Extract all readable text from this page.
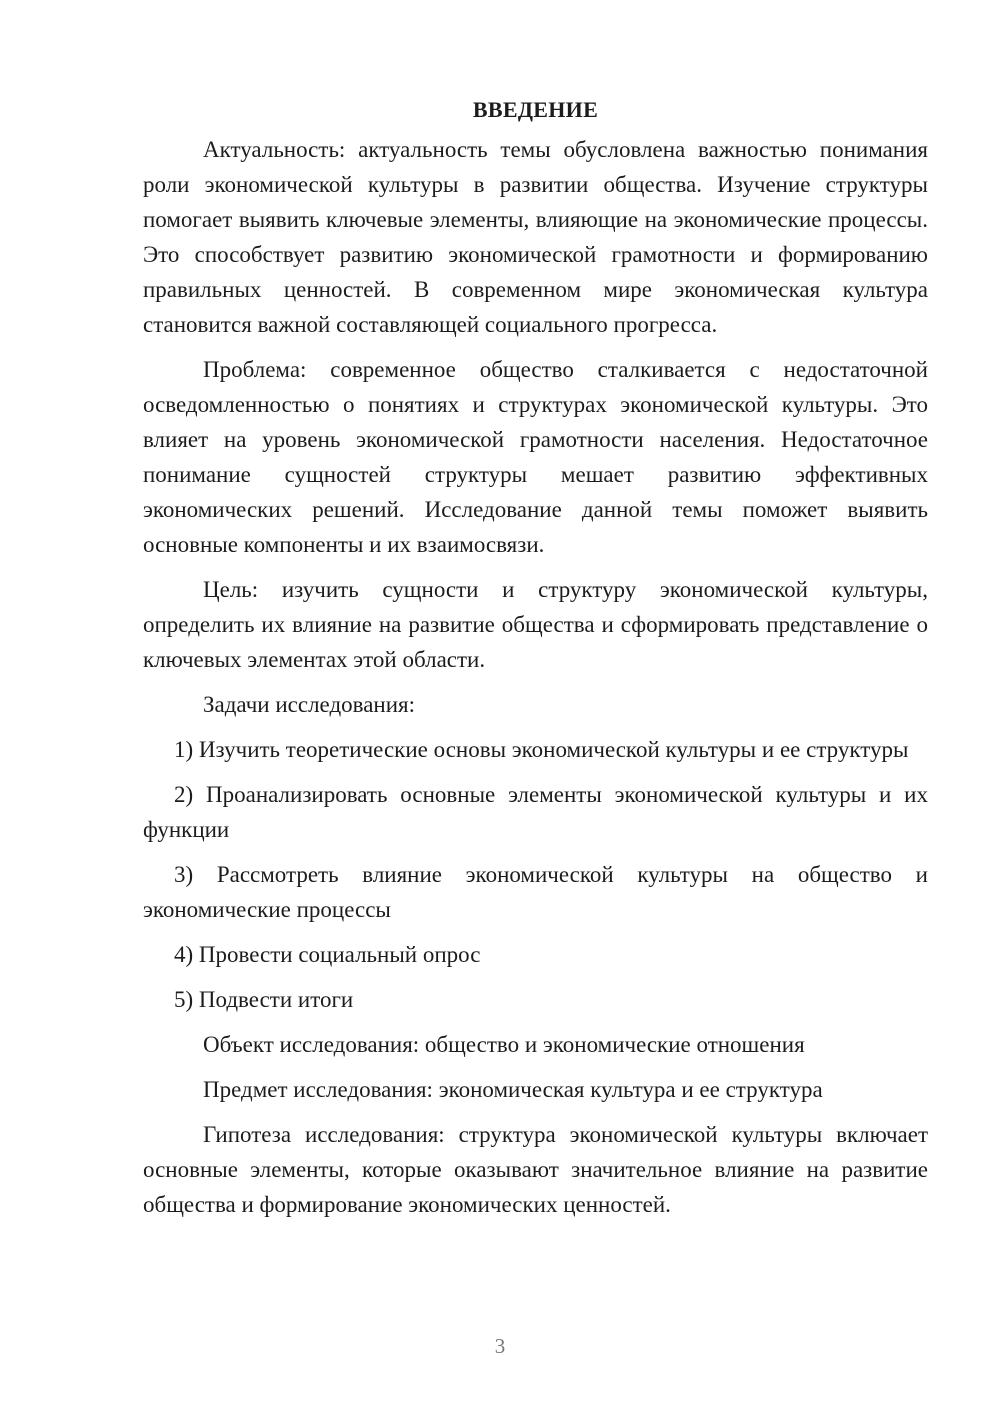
ВВЕДЕНИЕ

Актуальность: актуальность темы обусловлена важностью понимания роли экономической культуры в развитии общества. Изучение структуры помогает выявить ключевые элементы, влияющие на экономические процессы. Это способствует развитию экономической грамотности и формированию правильных ценностей. В современном мире экономическая культура становится важной составляющей социального прогресса.

Проблема: современное общество сталкивается с недостаточной осведомленностью о понятиях и структурах экономической культуры. Это влияет на уровень экономической грамотности населения. Недостаточное понимание сущностей структуры мешает развитию эффективных экономических решений. Исследование данной темы поможет выявить основные компоненты и их взаимосвязи.

Цель: изучить сущности и структуру экономической культуры, определить их влияние на развитие общества и сформировать представление о ключевых элементах этой области.

Задачи исследования:

1) Изучить теоретические основы экономической культуры и ее структуры

2) Проанализировать основные элементы экономической культуры и их функции

3) Рассмотреть влияние экономической культуры на общество и экономические процессы

4) Провести социальный опрос

5) Подвести итоги

Объект исследования: общество и экономические отношения

Предмет исследования: экономическая культура и ее структура

Гипотеза исследования: структура экономической культуры включает основные элементы, которые оказывают значительное влияние на развитие общества и формирование экономических ценностей.

3
